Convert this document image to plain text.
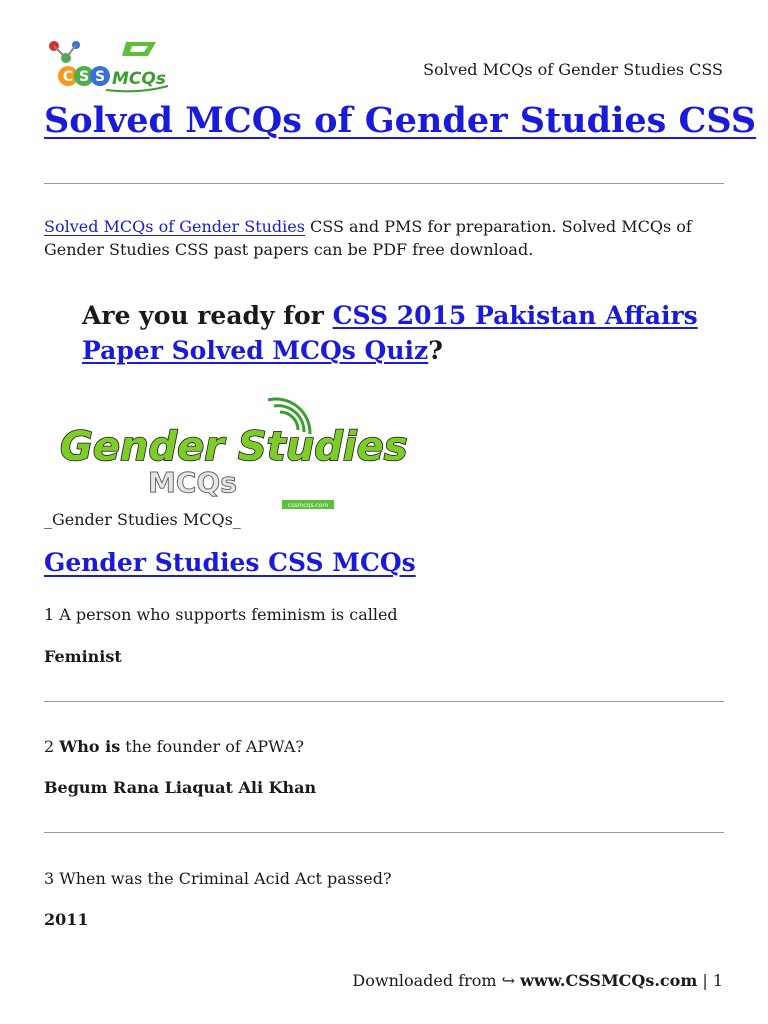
C S S MCQs	Solved MCQs of Gender Studies CSS
Solved MCQs of Gender Studies CSS

Solved MCQs of Gender Studies CSS and PMS for preparation. Solved MCQs of Gender Studies CSS past papers can be PDF free download.

Are you ready for CSS 2015 Pakistan Affairs Paper Solved MCQs Quiz?

Gender Studies
MCQs
cssmcqs.com
_Gender Studies MCQs_
Gender Studies CSS MCQs

1 A person who supports feminism is called

Feminist

2 Who is the founder of APWA?

Begum Rana Liaquat Ali Khan

3 When was the Criminal Acid Act passed?

2011

Downloaded from ↪ www.CSSMCQs.com | 1
